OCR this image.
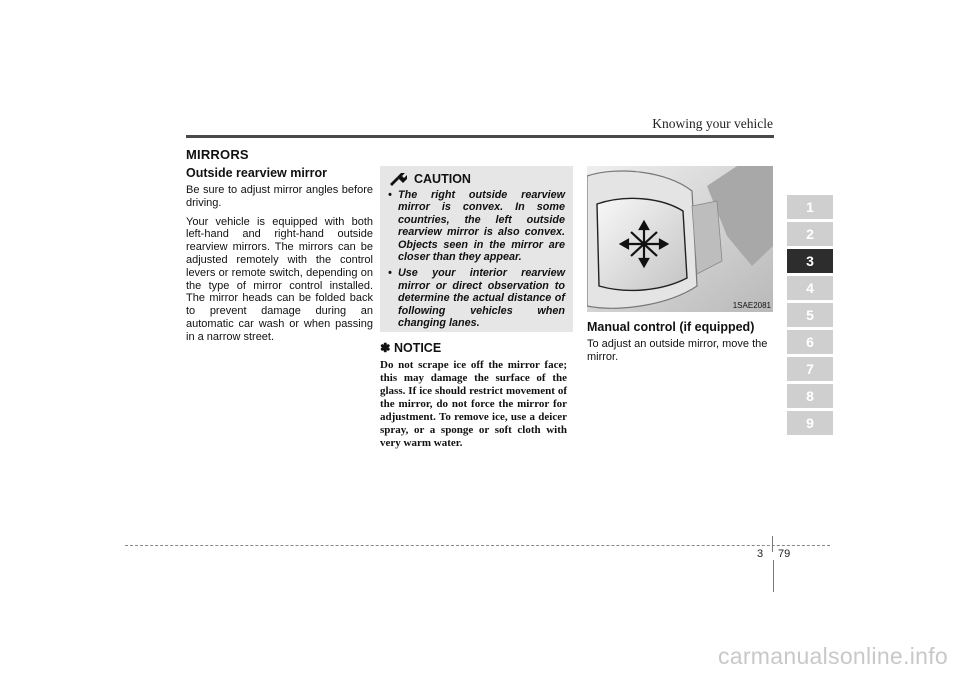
Knowing your vehicle
MIRRORS
Outside rearview mirror

Be sure to adjust mirror angles before driving.

Your vehicle is equipped with both left-hand and right-hand outside rearview mirrors. The mirrors can be adjusted remotely with the control levers or remote switch, depending on the type of mirror control installed. The mirror heads can be folded back to prevent damage during an automatic car wash or when passing in a narrow street.

CAUTION
• The right outside rearview mirror is convex. In some countries, the left outside rearview mirror is also convex. Objects seen in the mirror are closer than they appear.
• Use your interior rearview mirror or direct observation to determine the actual distance of following vehicles when changing lanes.
✽ NOTICE

Do not scrape ice off the mirror face; this may damage the surface of the glass. If ice should restrict movement of the mirror, do not force the mirror for adjustment. To remove ice, use a deicer spray, or a sponge or soft cloth with very warm water.

1SAE2081
Manual control (if equipped)

To adjust an outside mirror, move the mirror.

1
2
3
4
5
6
7
8
9
3 79
carmanualsonline.info
